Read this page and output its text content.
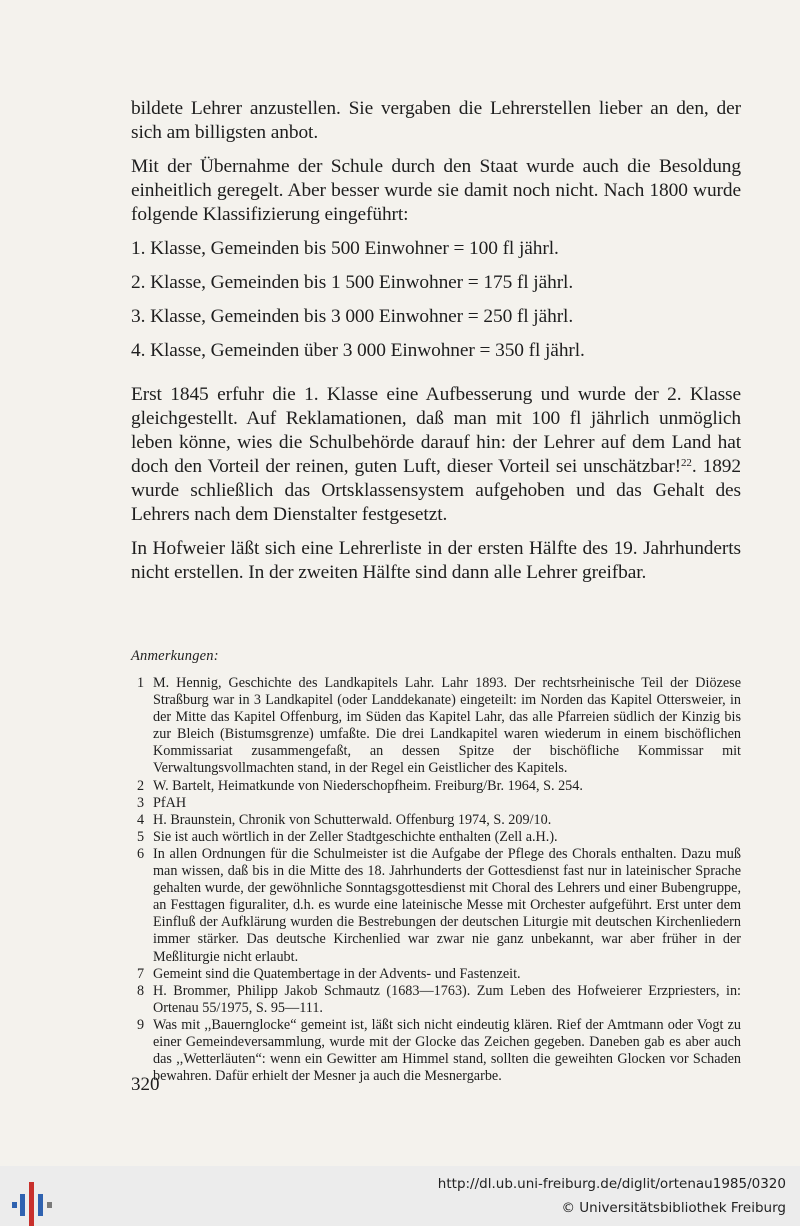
bildete Lehrer anzustellen. Sie vergaben die Lehrerstellen lieber an den, der sich am billigsten anbot.

Mit der Übernahme der Schule durch den Staat wurde auch die Besoldung einheitlich geregelt. Aber besser wurde sie damit noch nicht. Nach 1800 wurde folgende Klassifizierung eingeführt:

1. Klasse, Gemeinden bis 500 Einwohner = 100 fl jährl.
2. Klasse, Gemeinden bis 1 500 Einwohner = 175 fl jährl.
3. Klasse, Gemeinden bis 3 000 Einwohner = 250 fl jährl.
4. Klasse, Gemeinden über 3 000 Einwohner = 350 fl jährl.

Erst 1845 erfuhr die 1. Klasse eine Aufbesserung und wurde der 2. Klasse gleichgestellt. Auf Reklamationen, daß man mit 100 fl jährlich unmöglich leben könne, wies die Schulbehörde darauf hin: der Lehrer auf dem Land hat doch den Vorteil der reinen, guten Luft, dieser Vorteil sei unschätzbar!$^{22}$. 1892 wurde schließlich das Ortsklassensystem aufgehoben und das Gehalt des Lehrers nach dem Dienstalter festgesetzt.

In Hofweier läßt sich eine Lehrerliste in der ersten Hälfte des 19. Jahrhunderts nicht erstellen. In der zweiten Hälfte sind dann alle Lehrer greifbar.

Anmerkungen:
1 M. Hennig, Geschichte des Landkapitels Lahr. Lahr 1893. Der rechtsrheinische Teil der Diözese Straßburg war in 3 Landkapitel (oder Landdekanate) eingeteilt: im Norden das Kapitel Ottersweier, in der Mitte das Kapitel Offenburg, im Süden das Kapitel Lahr, das alle Pfarreien südlich der Kinzig bis zur Bleich (Bistumsgrenze) umfaßte. Die drei Landkapitel waren wiederum in einem bischöflichen Kommissariat zusammengefaßt, an dessen Spitze der bischöfliche Kommissar mit Verwaltungsvollmachten stand, in der Regel ein Geistlicher des Kapitels.
2 W. Bartelt, Heimatkunde von Niederschopfheim. Freiburg/Br. 1964, S. 254.
3 PfAH
4 H. Braunstein, Chronik von Schutterwald. Offenburg 1974, S. 209/10.
5 Sie ist auch wörtlich in der Zeller Stadtgeschichte enthalten (Zell a.H.).
6 In allen Ordnungen für die Schulmeister ist die Aufgabe der Pflege des Chorals enthalten. Dazu muß man wissen, daß bis in die Mitte des 18. Jahrhunderts der Gottesdienst fast nur in lateinischer Sprache gehalten wurde, der gewöhnliche Sonntagsgottesdienst mit Choral des Lehrers und einer Bubengruppe, an Festtagen figuraliter, d.h. es wurde eine lateinische Messe mit Orchester aufgeführt. Erst unter dem Einfluß der Aufklärung wurden die Bestrebungen der deutschen Liturgie mit deutschen Kirchenliedern immer stärker. Das deutsche Kirchenlied war zwar nie ganz unbekannt, war aber früher in der Meßliturgie nicht erlaubt.
7 Gemeint sind die Quatembertage in der Advents- und Fastenzeit.
8 H. Brommer, Philipp Jakob Schmautz (1683—1763). Zum Leben des Hofweierer Erzpriesters, in: Ortenau 55/1975, S. 95—111.
9 Was mit ,,Bauernglocke“ gemeint ist, läßt sich nicht eindeutig klären. Rief der Amtmann oder Vogt zu einer Gemeindeversammlung, wurde mit der Glocke das Zeichen gegeben. Daneben gab es aber auch das ,,Wetterläuten“: wenn ein Gewitter am Himmel stand, sollten die geweihten Glocken vor Schaden bewahren. Dafür erhielt der Mesner ja auch die Mesnergarbe.
320
http://dl.ub.uni-freiburg.de/diglit/ortenau1985/0320
© Universitätsbibliothek Freiburg
